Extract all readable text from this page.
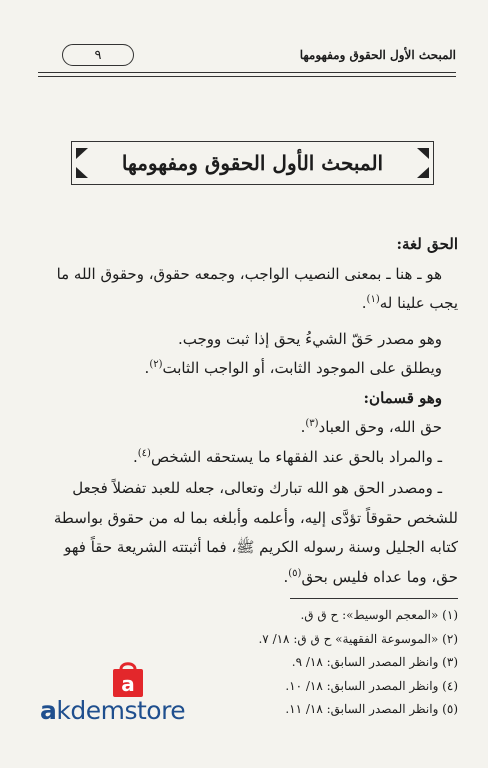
المبحث الأول الحقوق ومفهومها
٩
المبحث الأول الحقوق ومفهومها

الحق لغة:

هو ـ هنا ـ بمعنى النصيب الواجب، وجمعه حقوق، وحقوق الله ما

يجب علينا له$^{(١)}$.

وهو مصدر حَقّ الشيءُ يحق إذا ثبت ووجب.

ويطلق على الموجود الثابت، أو الواجب الثابت$^{(٢)}$.

وهو قسمان:

حق الله، وحق العباد$^{(٣)}$.

ـ والمراد بالحق عند الفقهاء ما يستحقه الشخص$^{(٤)}$.

ـ ومصدر الحق هو الله تبارك وتعالى، جعله للعبد تفضلاً فجعل

للشخص حقوقاً تؤدَّى إليه، وأعلمه وأبلغه بما له من حقوق بواسطة

كتابه الجليل وسنة رسوله الكريم ﷺ، فما أثبتته الشريعة حقاً فهو

حق، وما عداه فليس بحق$^{(٥)}$.

(١) «المعجم الوسيط»: ح ق ق.
(٢) «الموسوعة الفقهية» ح ق ق: ١٨/ ٧.
(٣) وانظر المصدر السابق: ١٨/ ٩.
(٤) وانظر المصدر السابق: ١٨/ ١٠.
(٥) وانظر المصدر السابق: ١٨/ ١١.
a
akdemstore
